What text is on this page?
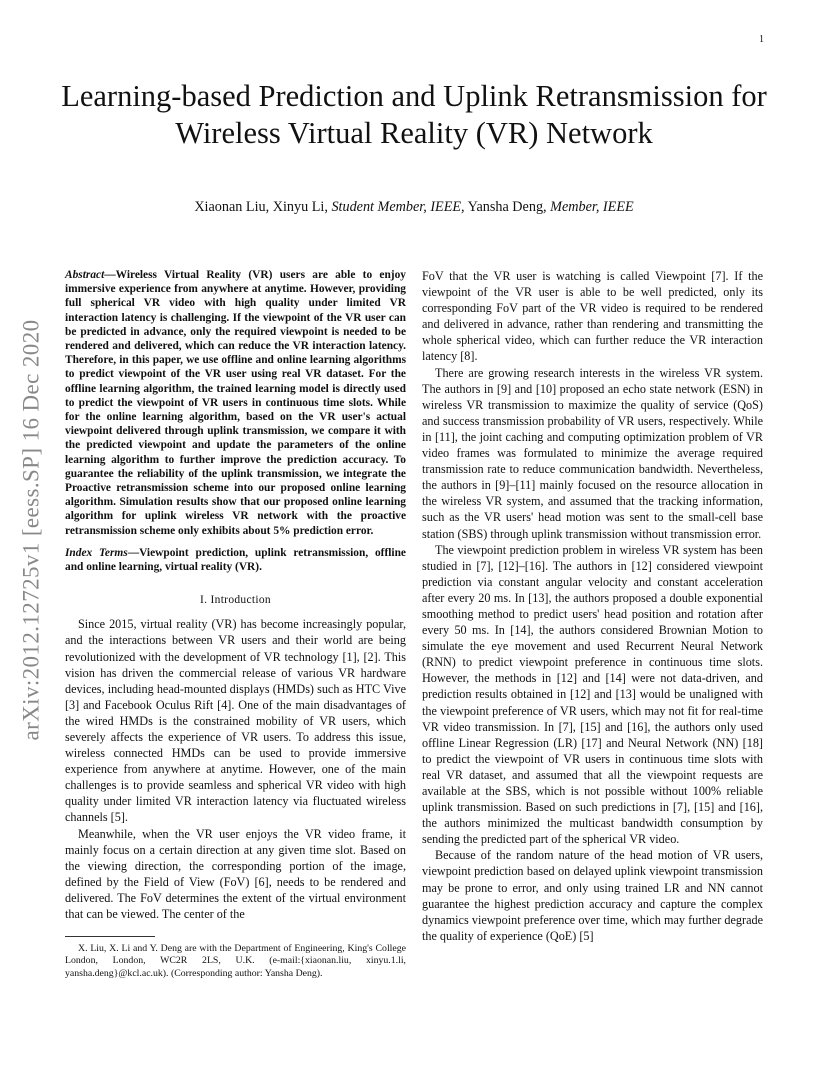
1
arXiv:2012.12725v1 [eess.SP] 16 Dec 2020
Learning-based Prediction and Uplink Retransmission for Wireless Virtual Reality (VR) Network
Xiaonan Liu, Xinyu Li, Student Member, IEEE, Yansha Deng, Member, IEEE

Abstract—Wireless Virtual Reality (VR) users are able to enjoy immersive experience from anywhere at anytime. However, providing full spherical VR video with high quality under limited VR interaction latency is challenging. If the viewpoint of the VR user can be predicted in advance, only the required viewpoint is needed to be rendered and delivered, which can reduce the VR interaction latency. Therefore, in this paper, we use offline and online learning algorithms to predict viewpoint of the VR user using real VR dataset. For the offline learning algorithm, the trained learning model is directly used to predict the viewpoint of VR users in continuous time slots. While for the online learning algorithm, based on the VR user's actual viewpoint delivered through uplink transmission, we compare it with the predicted viewpoint and update the parameters of the online learning algorithm to further improve the prediction accuracy. To guarantee the reliability of the uplink transmission, we integrate the Proactive retransmission scheme into our proposed online learning algorithm. Simulation results show that our proposed online learning algorithm for uplink wireless VR network with the proactive retransmission scheme only exhibits about 5% prediction error.

Index Terms—Viewpoint prediction, uplink retransmission, offline and online learning, virtual reality (VR).

I. Introduction

Since 2015, virtual reality (VR) has become increasingly popular, and the interactions between VR users and their world are being revolutionized with the development of VR technology [1], [2]. This vision has driven the commercial release of various VR hardware devices, including head-mounted displays (HMDs) such as HTC Vive [3] and Facebook Oculus Rift [4]. One of the main disadvantages of the wired HMDs is the constrained mobility of VR users, which severely affects the experience of VR users. To address this issue, wireless connected HMDs can be used to provide immersive experience from anywhere at anytime. However, one of the main challenges is to provide seamless and spherical VR video with high quality under limited VR interaction latency via fluctuated wireless channels [5].

Meanwhile, when the VR user enjoys the VR video frame, it mainly focus on a certain direction at any given time slot. Based on the viewing direction, the corresponding portion of the image, defined by the Field of View (FoV) [6], needs to be rendered and delivered. The FoV determines the extent of the virtual environment that can be viewed. The center of the

X. Liu, X. Li and Y. Deng are with the Department of Engineering, King's College London, London, WC2R 2LS, U.K. (e-mail:{xiaonan.liu, xinyu.1.li, yansha.deng}@kcl.ac.uk). (Corresponding author: Yansha Deng).

FoV that the VR user is watching is called Viewpoint [7]. If the viewpoint of the VR user is able to be well predicted, only its corresponding FoV part of the VR video is required to be rendered and delivered in advance, rather than rendering and transmitting the whole spherical video, which can further reduce the VR interaction latency [8].

There are growing research interests in the wireless VR system. The authors in [9] and [10] proposed an echo state network (ESN) in wireless VR transmission to maximize the quality of service (QoS) and success transmission probability of VR users, respectively. While in [11], the joint caching and computing optimization problem of VR video frames was formulated to minimize the average required transmission rate to reduce communication bandwidth. Nevertheless, the authors in [9]–[11] mainly focused on the resource allocation in the wireless VR system, and assumed that the tracking information, such as the VR users' head motion was sent to the small-cell base station (SBS) through uplink transmission without transmission error.

The viewpoint prediction problem in wireless VR system has been studied in [7], [12]–[16]. The authors in [12] considered viewpoint prediction via constant angular velocity and constant acceleration after every 20 ms. In [13], the authors proposed a double exponential smoothing method to predict users' head position and rotation after every 50 ms. In [14], the authors considered Brownian Motion to simulate the eye movement and used Recurrent Neural Network (RNN) to predict viewpoint preference in continuous time slots. However, the methods in [12] and [14] were not data-driven, and prediction results obtained in [12] and [13] would be unaligned with the viewpoint preference of VR users, which may not fit for real-time VR video transmission. In [7], [15] and [16], the authors only used offline Linear Regression (LR) [17] and Neural Network (NN) [18] to predict the viewpoint of VR users in continuous time slots with real VR dataset, and assumed that all the viewpoint requests are available at the SBS, which is not possible without 100% reliable uplink transmission. Based on such predictions in [7], [15] and [16], the authors minimized the multicast bandwidth consumption by sending the predicted part of the spherical VR video.

Because of the random nature of the head motion of VR users, viewpoint prediction based on delayed uplink viewpoint transmission may be prone to error, and only using trained LR and NN cannot guarantee the highest prediction accuracy and capture the complex dynamics viewpoint preference over time, which may further degrade the quality of experience (QoE) [5]
